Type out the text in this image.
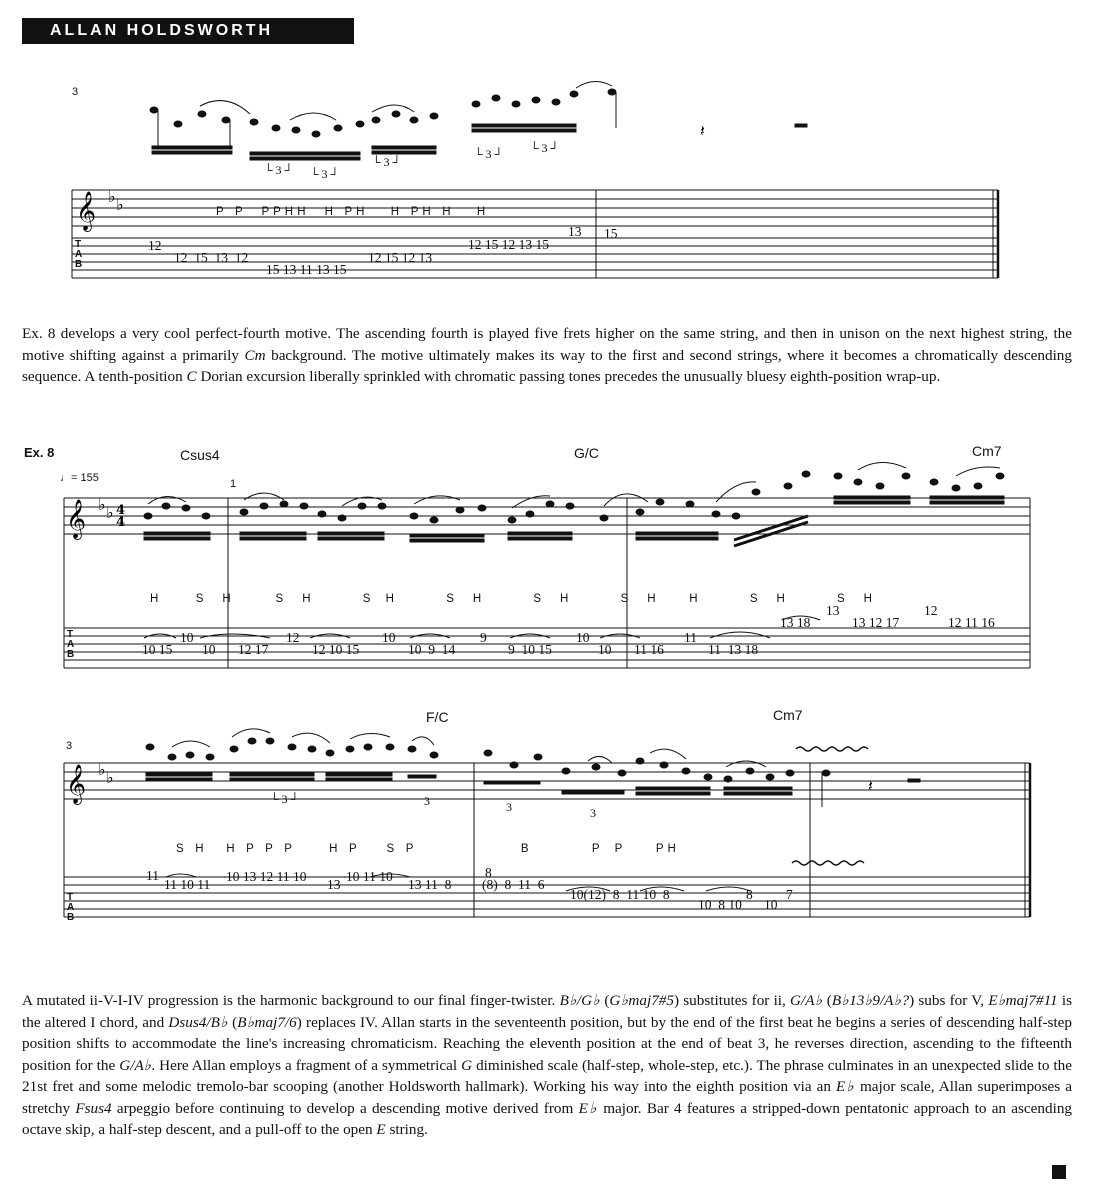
ALLAN HOLDSWORTH
𝄞 ♭ ♭
𝄽
└ 3 ┘ └ 3 ┘
└ 3 ┘
└ 3 ┘ └ 3 ┘
3
P   P     P P H H     H   P H       H   P H   H       H
T
A
B
12
12  15  13  12
15 13 11 13 15
12 15 12 13
12 15 12 13 15
13 15
Ex. 8 develops a very cool perfect-fourth motive. The ascending fourth is played five frets higher on the same string, and then in unison on the next highest string, the motive shifting against a primarily Cm background. The motive ultimately makes its way to the first and second strings, where it becomes a chromatically descending sequence. A tenth-position C Dorian excursion liberally sprinkled with chromatic passing tones precedes the unusually bluesy eighth-position wrap-up.
Ex. 8	Csus4	G/C	Cm7
♩= 155	1
𝄞 ♭ ♭ 4
4
H          S     H            S     H              S    H              S     H              S     H              S     H         H              S     H              S     H
T
A
B
10	12	10	9	10	11
10 15 10 12 17	12 10 15	10  9  14	9  10 15	10 11 16	11  13 18
13	12
13 18	13 12 17	12 11 16
F/C	Cm7
3
𝄞 ♭ ♭	𝄽
└ 3 ┘	3	3	3
S   H      H   P   P   P          H   P        S   P                             B                 P    P         P H
T
A
B
11
11 10 11
10 13 12 11 10	10 11 10
13 11  8 (8)  8  11  6
8
13
10(12)  8  11 10  8
10  8 10 10
8 7
A mutated ii-V-I-IV progression is the harmonic background to our final finger-twister. B♭/G♭ (G♭maj7#5) substitutes for ii, G/A♭ (B♭13♭9/A♭?) subs for V, E♭maj7#11 is the altered I chord, and Dsus4/B♭ (B♭maj7/6) replaces IV. Allan starts in the seventeenth position, but by the end of the first beat he begins a series of descending half-step position shifts to accommodate the line's increasing chromaticism. Reaching the eleventh position at the end of beat 3, he reverses direction, ascending to the fifteenth position for the G/A♭. Here Allan employs a fragment of a symmetrical G diminished scale (half-step, whole-step, etc.). The phrase culminates in an unexpected slide to the 21st fret and some melodic tremolo-bar scooping (another Holdsworth hallmark). Working his way into the eighth position via an E♭ major scale, Allan superimposes a stretchy Fsus4 arpeggio before continuing to develop a descending motive derived from E♭ major. Bar 4 features a stripped-down pentatonic approach to an ascending octave skip, a half-step descent, and a pull-off to the open E string.
